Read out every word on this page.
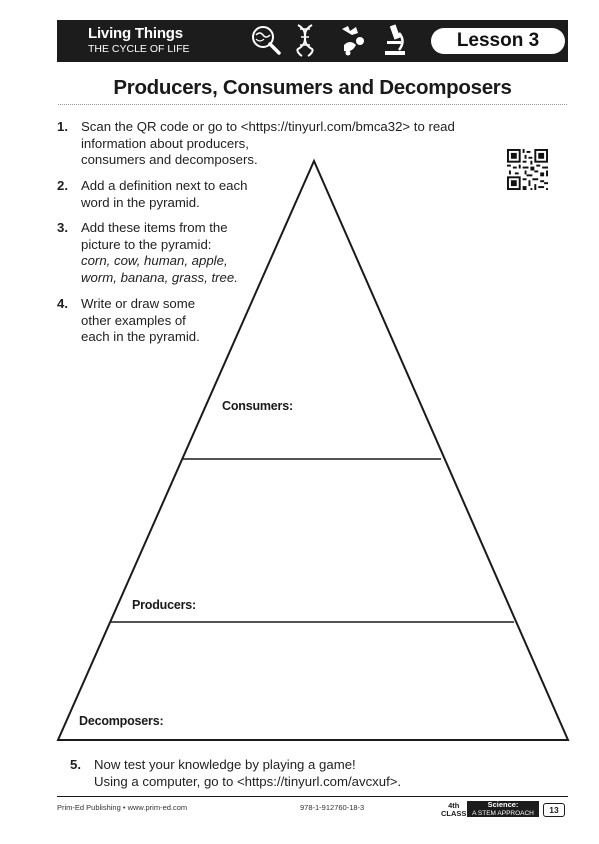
Living Things
THE CYCLE OF LIFE	Lesson 3
Producers, Consumers and Decomposers
1. Scan the QR code or go to <https://tinyurl.com/bmca32> to read
information about producers,
consumers and decomposers.
2. Add a definition next to each
word in the pyramid.
3. Add these items from the
picture to the pyramid:
corn, cow, human, apple,
worm, banana, grass, tree.
4. Write or draw some
other examples of
each in the pyramid.
Consumers:
Producers:
Decomposers:
5. Now test your knowledge by playing a game!
Using a computer, go to <https://tinyurl.com/avcxuf>.
Prim-Ed Publishing • www.prim-ed.com	978-1-912760-18-3	4th
CLASS
Science:
A STEM APPROACH	13
